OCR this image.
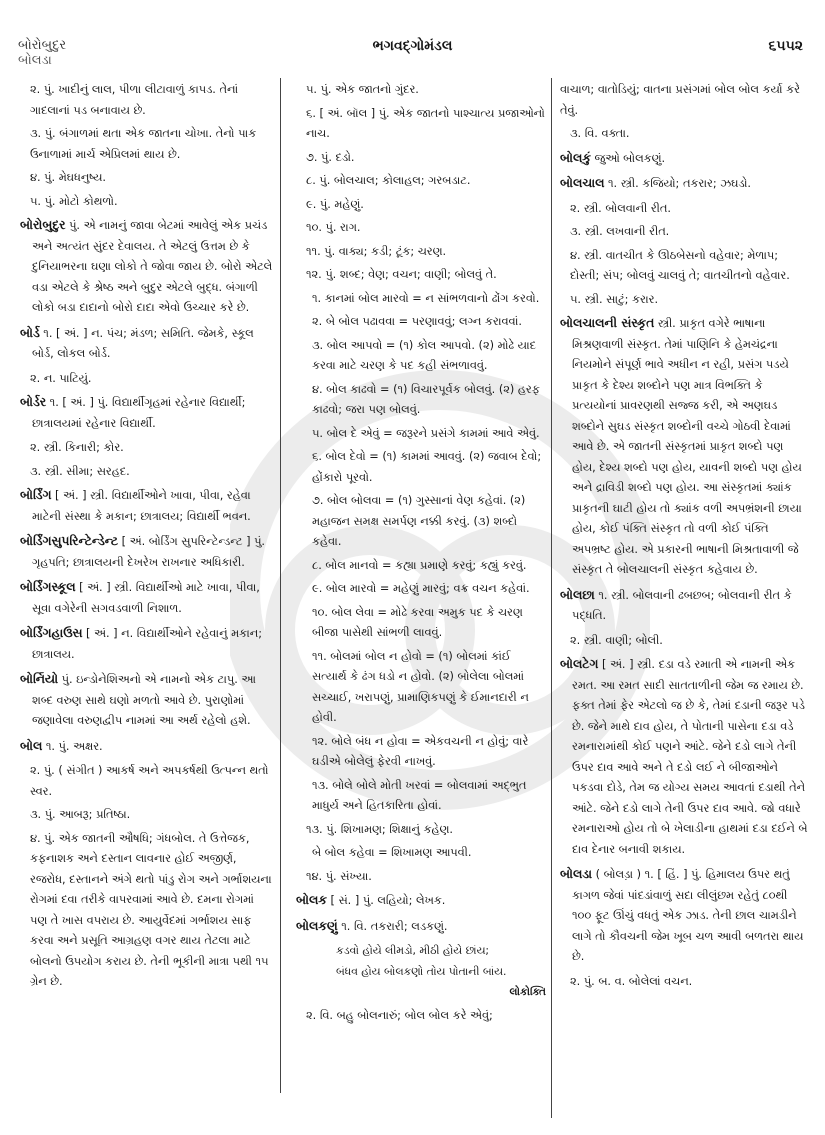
બોરોબુદુર
બોલડા
ભગવદ્ગોમંડલ	૬૫૫૨
૨. પું. ખાદીનું લાલ, પીળા લીટાવાળું કાપડ. તેનાં ગાદલાનાં પડ બનાવાય છે.
૩. પું. બંગાળમાં થતા એક જાતના ચોખા. તેનો પાક ઉનાળામાં માર્ચ એપ્રિલમાં થાય છે.
૪. પું. મેઘધનુષ્ય.
૫. પું. મોટો કોથળો.
બોરોબુદુર પું. એ નામનું જાવા બેટમાં આવેલું એક પ્રચંડ અને અત્યંત સુંદર દેવાલય. તે એટલું ઉત્તમ છે કે દુનિયાભરના ઘણા લોકો તે જોવા જાય છે. બોરો એટલે વડા એટલે કે શ્રેષ્ઠ અને બુદુર એટલે બુદ્ધ. બંગાળી લોકો બડા દાદાનો બોરો દાદા એવો ઉચ્ચાર કરે છે.
બોર્ડ ૧. [ અં. ] ન. પંચ; મંડળ; સમિતિ. જેમકે, સ્કૂલ બોર્ડ, લોકલ બોર્ડ.
૨. ન. પાટિયું.
બોર્ડર ૧. [ અં. ] પું. વિદ્યાર્થીગૃહમાં રહેનાર વિદ્યાર્થી; છાત્રાલયમાં રહેનાર વિદ્યાર્થી.
૨. સ્ત્રી. કિનારી; કોર.
૩. સ્ત્રી. સીમા; સરહદ.
બોર્ડિંગ [ અં. ] સ્ત્રી. વિદ્યાર્થીઓને ખાવા, પીવા, રહેવા માટેની સંસ્થા કે મકાન; છાત્રાલય; વિદ્યાર્થી ભવન.
બોર્ડિંગસુપરિન્ટેન્ડેન્ટ [ અં. બોર્ડિંગ સુપરિન્ટેન્ડન્ટ ] પું. ગૃહપતિ; છાત્રાલયની દેખરેખ રાખનાર અધિકારી.
બોર્ડિંગસ્કૂલ [ અં. ] સ્ત્રી. વિદ્યાર્થીઓ માટે ખાવા, પીવા, સૂવા વગેરેની સગવડવાળી નિશાળ.
બોર્ડિંગહાઉસ [ અં. ] ન. વિદ્યાર્થીઓને રહેવાનું મકાન; છાત્રાલય.
બોર્નિયો પું. ઇન્ડોનેશિઅનો એ નામનો એક ટાપુ. આ શબ્દ વરુણ સાથે ઘણો મળતો આવે છે. પુરાણોમાં જણાવેલા વરુણદ્વીપ નામમાં આ અર્થ રહેલો હશે.
બોલ ૧. પું. અક્ષર.
૨. પું. ( સંગીત ) આકર્ષ અને અપકર્ષથી ઉત્પન્ન થતો સ્વર.
૩. પું. આબરૂ; પ્રતિષ્ઠા.
૪. પું. એક જાતની ઔષધિ; ગંધબોલ. તે ઉત્તેજક, કફનાશક અને દસ્તાન લાવનાર હોઈ અજીર્ણ, રજરોધ, દસ્તાનને અંગે થતો પાંડુ રોગ અને ગર્ભાશયના રોગમાં દવા તરીકે વાપરવામાં આવે છે. દમના રોગમાં પણ તે ખાસ વપરાય છે. આયુર્વેદમાં ગર્ભાશય સાફ કરવા અને પ્રસૂતિ આગ્રહણ વગર થાય તેટલા માટે બોલનો ઉપયોગ કરાય છે. તેની ભૂકીની માત્રા પથી ૧૫ ગ્રેન છે.
૫. પું. એક જાતનો ગુંદર.
૬. [ અં. બૉલ ] પું. એક જાતનો પાશ્ચાત્ય પ્રજાઓનો નાચ.
૭. પું. દડો.
૮. પું. બોલચાલ; કોલાહલ; ગરબડાટ.
૯. પું. મહેણું.
૧૦. પું. રાગ.
૧૧. પું. વાક્ય; કડી; ટૂંક; ચરણ.
૧૨. પું. શબ્દ; વેણ; વચન; વાણી; બોલવું તે.
૧. કાનમાં બોલ મારવો = ન સાંભળવાનો ઢોંગ કરવો.
૨. બે બોલ પઢાવવા = પરણાવવું; લગ્ન કરાવવાં.
૩. બોલ આપવો = (૧) કોલ આપવો. (૨) મોઢે યાદ કરવા માટે ચરણ કે પદ કહી સંભળાવવું.
૪. બોલ કાઢવો = (૧) વિચારપૂર્વક બોલવું. (૨) હરફ કાઢવો; જરા પણ બોલવું.
૫. બોલ દે એવું = જરૂરને પ્રસંગે કામમાં આવે એવું.
૬. બોલ દેવો = (૧) કામમાં આવવું. (૨) જવાબ દેવો; હોંકારો પૂરવો.
૭. બોલ બોલવા = (૧) ગુસ્સાનાં વેણ કહેવાં. (૨) મહાજન સમક્ષ સમર્પણ નક્કી કરવું. (૩) શબ્દો કહેવા.
૮. બોલ માનવો = કહ્યા પ્રમાણે કરવું; કહ્યું કરવું.
૯. બોલ મારવો = મહેણું મારવું; વક્ર વચન કહેવાં.
૧૦. બોલ લેવા = મોઢે કરવા અમુક પદ કે ચરણ બીજા પાસેથી સાંભળી લાવવું.
૧૧. બોલમાં બોલ ન હોવો = (૧) બોલમાં કાંઈ સત્યાર્થ કે ઢંગ ધડો ન હોવો. (૨) બોલેલા બોલમાં સચ્ચાઈ, ખરાપણું, પ્રામાણિકપણું કે ઈમાનદારી ન હોવી.
૧૨. બોલે બંધ ન હોવા = એકવચની ન હોવું; વારે ઘડીએ બોલેલું ફેરવી નાખવું.
૧૩. બોલે બોલે મોતી ખરવાં = બોલવામાં અદ્ભુત માધુર્ય અને હિતકારિતા હોવાં.
૧૩. પું. શિખામણ; શિક્ષાનું કહેણ.
બે બોલ કહેવા = શિખામણ આપવી.
૧૪. પું. સંખ્યા.
બોલક [ સં. ] પું. લહિયો; લેખક.
બોલકણું ૧. વિ. તકરારી; લડકણું.
કડવો હોયે લીમડો, મીઠી હોયે છાંય;
બંધવ હોય બોલકણો તોય પોતાની બાંય.
લોકોક્તિ
૨. વિ. બહુ બોલનારું; બોલ બોલ કરે એવું;
વાચાળ; વાતોડિયું; વાતના પ્રસંગમાં બોલ બોલ કર્યા કરે તેવું.
૩. વિ. વક્તા.
બોલકું જુઓ બોલકણું.
બોલચાલ ૧. સ્ત્રી. કજિયો; તકરાર; ઝઘડો.
૨. સ્ત્રી. બોલવાની રીત.
૩. સ્ત્રી. લખવાની રીત.
૪. સ્ત્રી. વાતચીત કે ઊઠબેસનો વહેવાર; મેળાપ; દોસ્તી; સંપ; બોલવું ચાલવું તે; વાતચીતનો વહેવાર.
૫. સ્ત્રી. સાટું; કરાર.
બોલચાલની સંસ્કૃત સ્ત્રી. પ્રાકૃત વગેરે ભાષાના મિશ્રણવાળી સંસ્કૃત. તેમાં પાણિનિ કે હેમચંદ્રના નિયમોને સંપૂર્ણ ભાવે અધીન ન રહી, પ્રસંગ પડયે પ્રાકૃત કે દેશ્ય શબ્દોને પણ માત્ર વિભક્તિ કે પ્રત્યયોનાં પ્રાવરણથી સજ્જ કરી, એ અણઘડ શબ્દોને સુઘડ સંસ્કૃત શબ્દોની વચ્ચે ગોઠવી દેવામાં આવે છે. એ જાતની સંસ્કૃતમાં પ્રાકૃત શબ્દો પણ હોય, દેશ્ય શબ્દો પણ હોય, યાવની શબ્દો પણ હોય અને દ્રાવિડી શબ્દો પણ હોય. આ સંસ્કૃતમાં ક્યાંક પ્રાકૃતની ઘાટી હોય તો ક્યાંક વળી અપભ્રંશની છાયા હોય, કોઈ પંક્તિ સંસ્કૃત તો વળી કોઈ પંક્તિ અપભ્રષ્ટ હોય. એ પ્રકારની ભાષાની મિશ્રતાવાળી જે સંસ્કૃત તે બોલચાલની સંસ્કૃત કહેવાય છે.
બોલછા ૧. સ્ત્રી. બોલવાની ઢબછબ; બોલવાની રીત કે પદ્ધતિ.
૨. સ્ત્રી. વાણી; બોલી.
બોલટેગ [ અં. ] સ્ત્રી. દડા વડે રમાતી એ નામની એક રમત. આ રમત સાદી સાતતાળીની જેમ જ રમાય છે. ફક્ત તેમાં ફેર એટલો જ છે કે, તેમાં દડાની જરૂર પડે છે. જેને માથે દાવ હોય, તે પોતાની પાસેના દડા વડે રમનારામાંથી કોઈ પણને આંટે. જેને દડો લાગે તેની ઉપર દાવ આવે અને તે દડો લઈ ને બીજાઓને પકડવા દોડે, તેમ જ યોગ્ય સમય આવતાં દડાથી તેને આંટે. જેને દડો લાગે તેની ઉપર દાવ આવે. જો વધારે રમનારાઓ હોય તો બે ખેલાડીના હાથમાં દડા દઈને બે દાવ દેનાર બનાવી શકાય.
બોલડા ( બોલડ઼ા ) ૧. [ હિં. ] પું. હિમાલય ઉપર થતું કાગળ જેવાં પાંદડાંવાળું સદા લીલુંછમ રહેતું ૮૦થી ૧૦૦ ફૂટ ઊંચું વધતું એક ઝાડ. તેની છાલ ચામડીને લાગે તો કૌવચની જેમ ખૂબ ચળ આવી બળતરા થાય છે.
૨. પું. બ. વ. બોલેલાં વચન.
